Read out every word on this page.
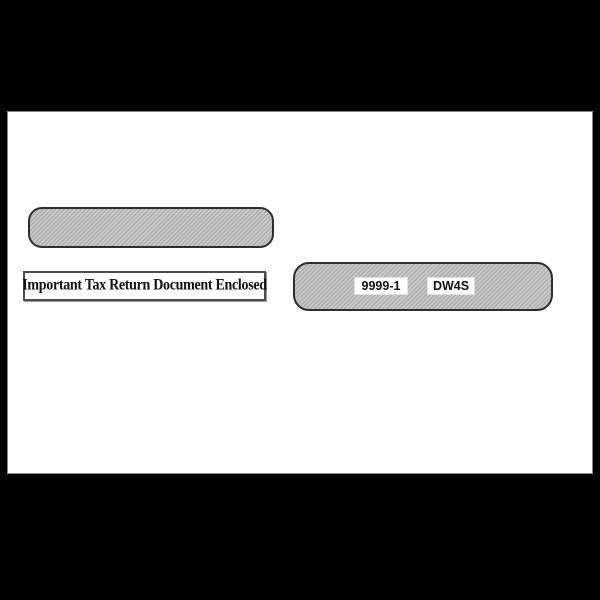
Important Tax Return Document Enclosed	9999-1	DW4S
